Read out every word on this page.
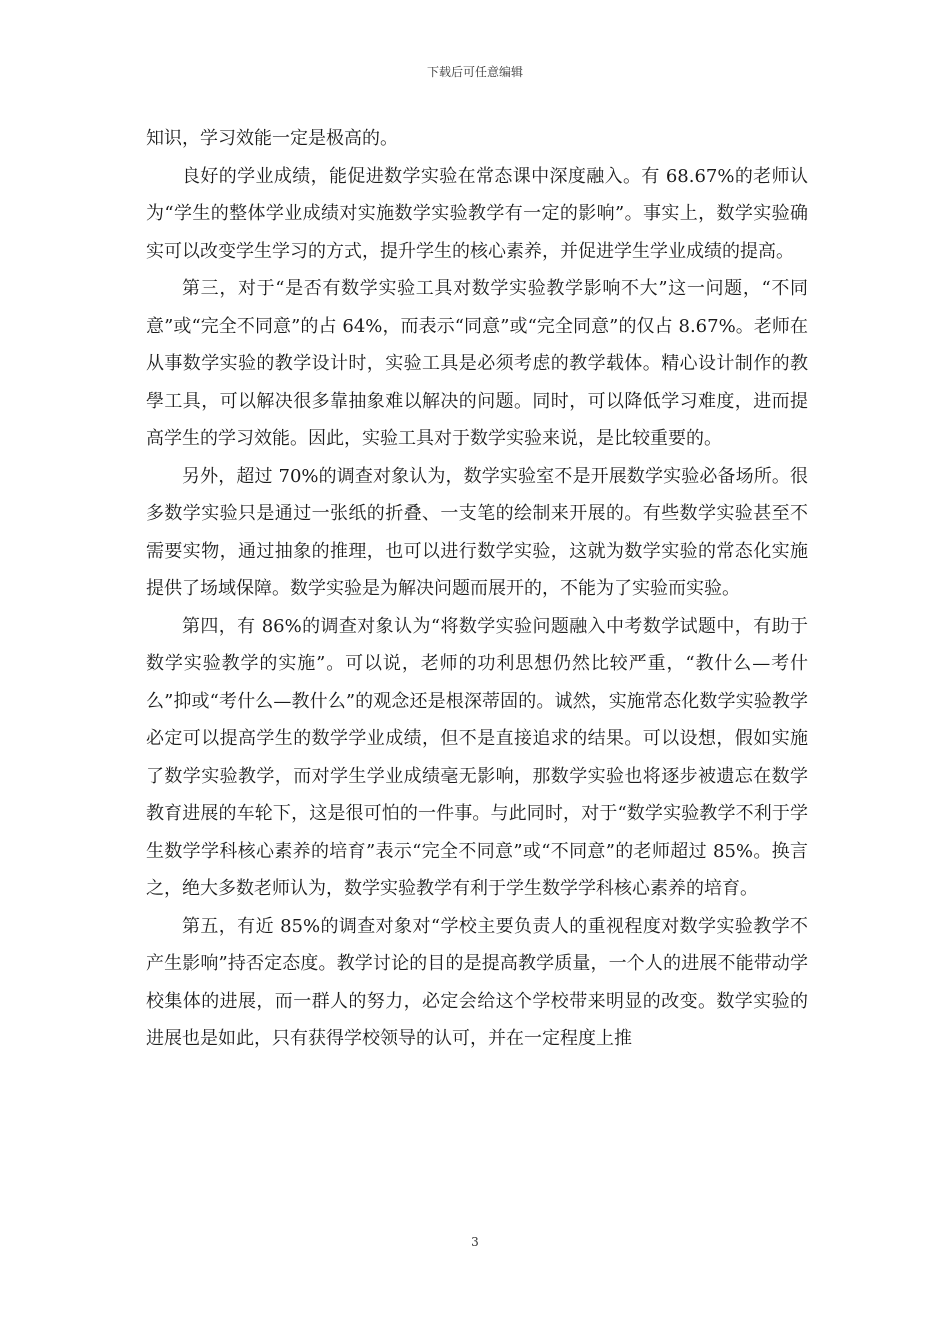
下载后可任意编辑

知识，学习效能一定是极高的。

良好的学业成绩，能促进数学实验在常态课中深度融入。有 68.67%的老师认为“学生的整体学业成绩对实施数学实验教学有一定的影响”。事实上，数学实验确实可以改变学生学习的方式，提升学生的核心素养，并促进学生学业成绩的提高。

第三，对于“是否有数学实验工具对数学实验教学影响不大”这一问题，“不同意”或“完全不同意”的占 64%，而表示“同意”或“完全同意”的仅占 8.67%。老师在从事数学实验的教学设计时，实验工具是必须考虑的教学载体。精心设计制作的教學工具，可以解决很多靠抽象难以解决的问题。同时，可以降低学习难度，进而提高学生的学习效能。因此，实验工具对于数学实验来说，是比较重要的。

另外，超过 70%的调查对象认为，数学实验室不是开展数学实验必备场所。很多数学实验只是通过一张纸的折叠、一支笔的绘制来开展的。有些数学实验甚至不需要实物，通过抽象的推理，也可以进行数学实验，这就为数学实验的常态化实施提供了场域保障。数学实验是为解决问题而展开的，不能为了实验而实验。

第四，有 86%的调查对象认为“将数学实验问题融入中考数学试题中，有助于数学实验教学的实施”。可以说，老师的功利思想仍然比较严重，“教什么—考什么”抑或“考什么—教什么”的观念还是根深蒂固的。诚然，实施常态化数学实验教学必定可以提高学生的数学学业成绩，但不是直接追求的结果。可以设想，假如实施了数学实验教学，而对学生学业成绩毫无影响，那数学实验也将逐步被遗忘在数学教育进展的车轮下，这是很可怕的一件事。与此同时，对于“数学实验教学不利于学生数学学科核心素养的培育”表示“完全不同意”或“不同意”的老师超过 85%。换言之，绝大多数老师认为，数学实验教学有利于学生数学学科核心素养的培育。

第五，有近 85%的调查对象对“学校主要负责人的重视程度对数学实验教学不产生影响”持否定态度。教学讨论的目的是提高教学质量，一个人的进展不能带动学校集体的进展，而一群人的努力，必定会给这个学校带来明显的改变。数学实验的进展也是如此，只有获得学校领导的认可，并在一定程度上推

3
